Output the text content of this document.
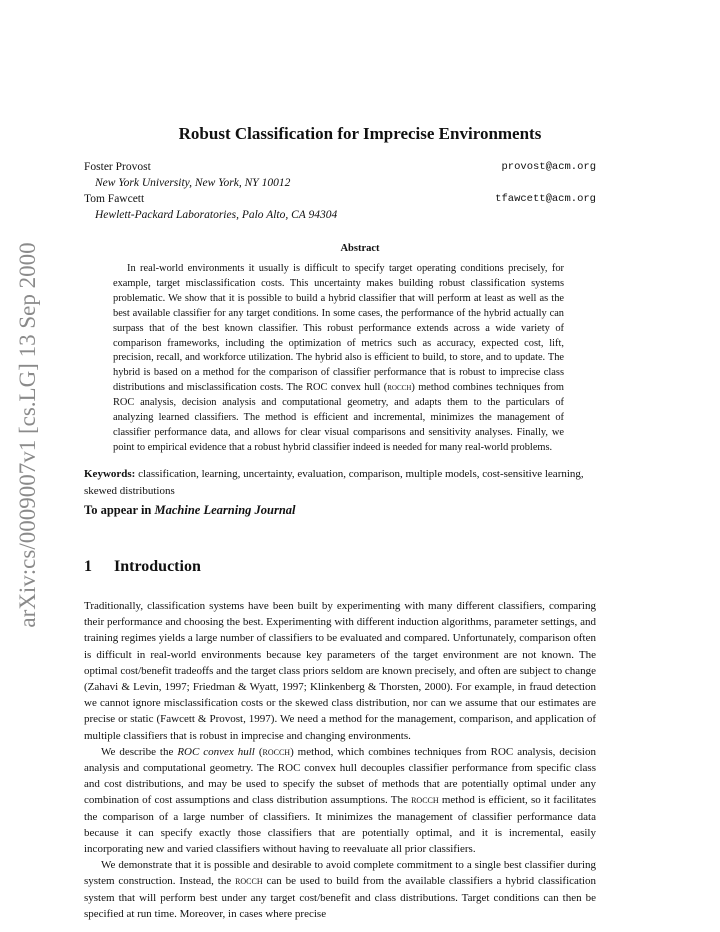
arXiv:cs/0009007v1 [cs.LG] 13 Sep 2000
Robust Classification for Imprecise Environments
Foster Provost	provost@acm.org
New York University, New York, NY 10012
Tom Fawcett	tfawcett@acm.org
Hewlett-Packard Laboratories, Palo Alto, CA 94304
Abstract

In real-world environments it usually is difficult to specify target operating conditions precisely, for example, target misclassification costs. This uncertainty makes building robust classification systems problematic. We show that it is possible to build a hybrid classifier that will perform at least as well as the best available classifier for any target conditions. In some cases, the performance of the hybrid actually can surpass that of the best known classifier. This robust performance extends across a wide variety of comparison frameworks, including the optimization of metrics such as accuracy, expected cost, lift, precision, recall, and workforce utilization. The hybrid also is efficient to build, to store, and to update. The hybrid is based on a method for the comparison of classifier performance that is robust to imprecise class distributions and misclassification costs. The ROC convex hull (rocch) method combines techniques from ROC analysis, decision analysis and computational geometry, and adapts them to the particulars of analyzing learned classifiers. The method is efficient and incremental, minimizes the management of classifier performance data, and allows for clear visual comparisons and sensitivity analyses. Finally, we point to empirical evidence that a robust hybrid classifier indeed is needed for many real-world problems.

Keywords: classification, learning, uncertainty, evaluation, comparison, multiple models, cost-sensitive learning, skewed distributions

To appear in Machine Learning Journal
1 Introduction

Traditionally, classification systems have been built by experimenting with many different classifiers, comparing their performance and choosing the best. Experimenting with different induction algorithms, parameter settings, and training regimes yields a large number of classifiers to be evaluated and compared. Unfortunately, comparison often is difficult in real-world environments because key parameters of the target environment are not known. The optimal cost/benefit tradeoffs and the target class priors seldom are known precisely, and often are subject to change (Zahavi & Levin, 1997; Friedman & Wyatt, 1997; Klinkenberg & Thorsten, 2000). For example, in fraud detection we cannot ignore misclassification costs or the skewed class distribution, nor can we assume that our estimates are precise or static (Fawcett & Provost, 1997). We need a method for the management, comparison, and application of multiple classifiers that is robust in imprecise and changing environments.

We describe the ROC convex hull (rocch) method, which combines techniques from ROC analysis, decision analysis and computational geometry. The ROC convex hull decouples classifier performance from specific class and cost distributions, and may be used to specify the subset of methods that are potentially optimal under any combination of cost assumptions and class distribution assumptions. The rocch method is efficient, so it facilitates the comparison of a large number of classifiers. It minimizes the management of classifier performance data because it can specify exactly those classifiers that are potentially optimal, and it is incremental, easily incorporating new and varied classifiers without having to reevaluate all prior classifiers.

We demonstrate that it is possible and desirable to avoid complete commitment to a single best classifier during system construction. Instead, the rocch can be used to build from the available classifiers a hybrid classification system that will perform best under any target cost/benefit and class distributions. Target conditions can then be specified at run time. Moreover, in cases where precise
